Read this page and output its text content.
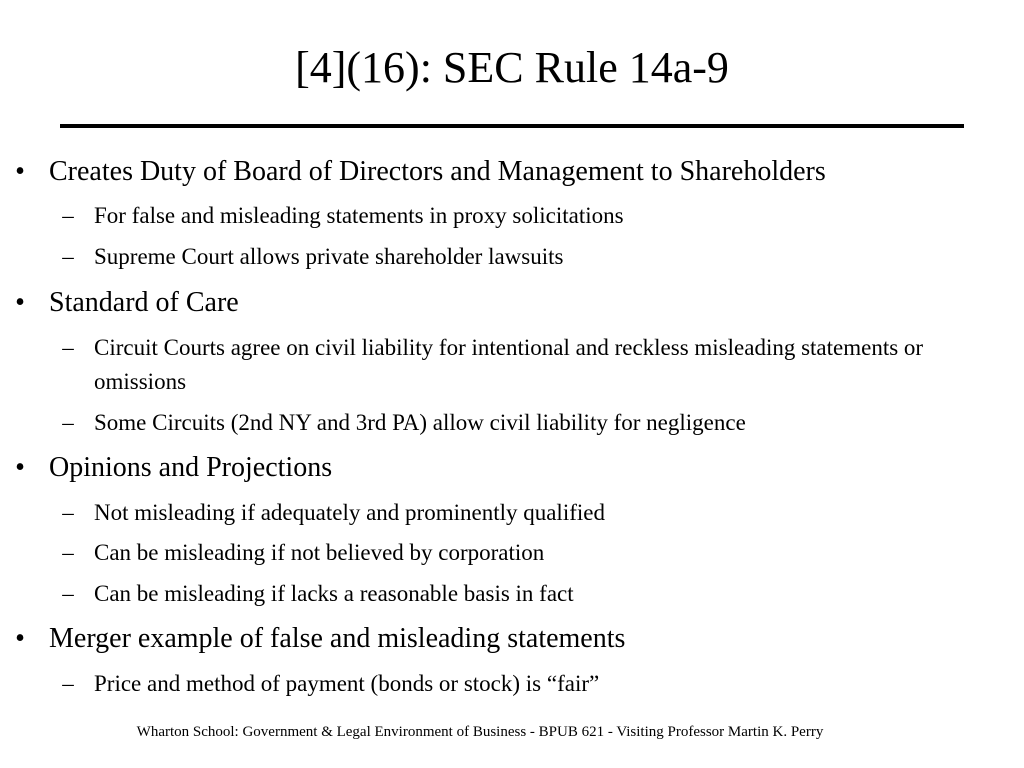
[4](16): SEC Rule 14a-9
• Creates Duty of Board of Directors and Management to Shareholders
– For false and misleading statements in proxy solicitations
– Supreme Court allows private shareholder lawsuits
• Standard of Care
– Circuit Courts agree on civil liability for intentional and reckless misleading statements or omissions
– Some Circuits (2nd NY and 3rd PA) allow civil liability for negligence
• Opinions and Projections
– Not misleading if adequately and prominently qualified
– Can be misleading if not believed by corporation
– Can be misleading if lacks a reasonable basis in fact
• Merger example of false and misleading statements
– Price and method of payment (bonds or stock) is “fair”
Wharton School: Government & Legal Environment of Business - BPUB 621 - Visiting Professor Martin K. Perry
